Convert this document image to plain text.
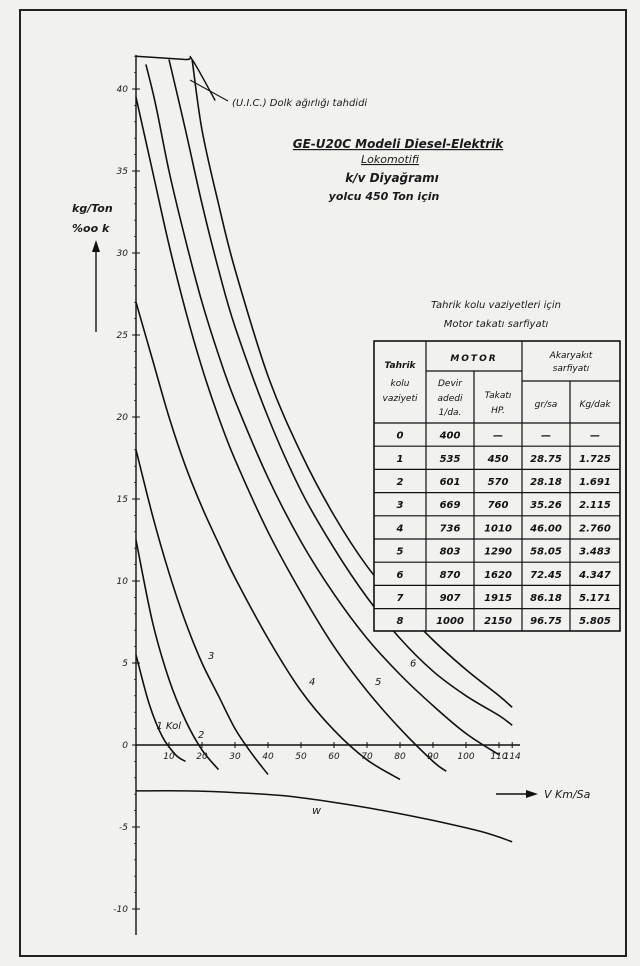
-10
-5
0
5
10
15
20
25
30
35
40
10 20 30 40 50 60 70 80 90 100 110
114
(U.I.C.) Dolk ağırlığı tahdidi
w
1 Kol
2
3
4	5
6
GE-U20C Modeli Diesel-Elektrik
Lokomotifi
k/v Diyağramı
yolcu 450 Ton için
kg/Ton
%oo k
V Km/Sa
Tahrik kolu vaziyetleri için
Motor takatı sarfiyatı
Tahrik
kolu
vaziyeti
MOTOR	Akaryakıt
sarfiyatı
Devir
adedi
1/da.
Takatı
HP.
gr/sa Kg/dak
0	400	—	—	—
1	535	450 28.75 1.725
2	601	570 28.18 1.691
3	669	760 35.26 2.115
4	736 1010 46.00 2.760
5	803 1290 58.05 3.483
6	870 1620 72.45 4.347
7	907 1915 86.18 5.171
8	1000 2150 96.75 5.805
